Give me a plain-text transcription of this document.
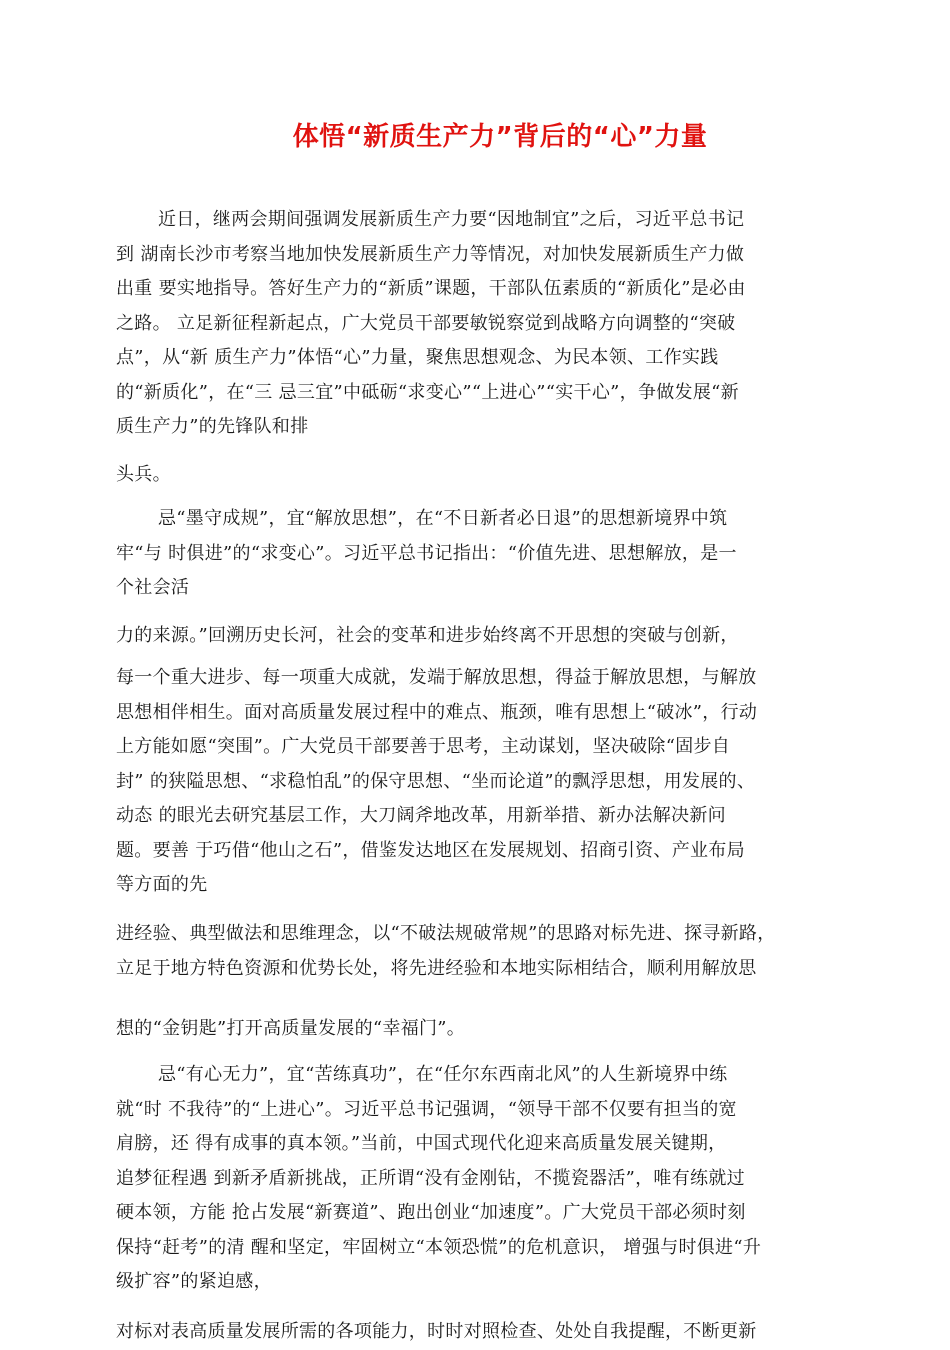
体悟“新质生产力”背后的“心”力量
近日，继两会期间强调发展新质生产力要“因地制宜”之后，习近平总书记
到 湖南长沙市考察当地加快发展新质生产力等情况，对加快发展新质生产力做
出重 要实地指导。答好生产力的“新质”课题，干部队伍素质的“新质化”是必由
之路。 立足新征程新起点，广大党员干部要敏锐察觉到战略方向调整的“突破
点”，从“新 质生产力”体悟“心”力量，聚焦思想观念、为民本领、工作实践
的“新质化”，在“三 忌三宜”中砥砺“求变心”“上进心”“实干心”，争做发展“新
质生产力”的先锋队和排
头兵。
忌“墨守成规”，宜“解放思想”，在“不日新者必日退”的思想新境界中筑
牢“与 时俱进”的“求变心”。习近平总书记指出：“价值先进、思想解放，是一
个社会活
力的来源。”回溯历史长河，社会的变革和进步始终离不开思想的突破与创新，
每一个重大进步、每一项重大成就，发端于解放思想，得益于解放思想，与解放
思想相伴相生。面对高质量发展过程中的难点、瓶颈，唯有思想上“破冰”，行动
上方能如愿“突围”。广大党员干部要善于思考，主动谋划，坚决破除“固步自
封” 的狭隘思想、“求稳怕乱”的保守思想、“坐而论道”的飘浮思想，用发展的、
动态 的眼光去研究基层工作，大刀阔斧地改革，用新举措、新办法解决新问
题。要善 于巧借“他山之石”，借鉴发达地区在发展规划、招商引资、产业布局
等方面的先
进经验、典型做法和思维理念，以“不破法规破常规”的思路对标先进、探寻新路，
立足于地方特色资源和优势长处，将先进经验和本地实际相结合，顺利用解放思
想的“金钥匙”打开高质量发展的“幸福门”。
忌“有心无力”，宜“苦练真功”，在“任尔东西南北风”的人生新境界中练
就“时 不我待”的“上进心”。习近平总书记强调，“领导干部不仅要有担当的宽
肩膀，还 得有成事的真本领。”当前，中国式现代化迎来高质量发展关键期，
追梦征程遇 到新矛盾新挑战，正所谓“没有金刚钻，不揽瓷器活”，唯有练就过
硬本领，方能 抢占发展“新赛道”、跑出创业“加速度”。广大党员干部必须时刻
保持“赶考”的清 醒和坚定，牢固树立“本领恐慌”的危机意识， 增强与时俱进“升
级扩容”的紧迫感，
对标对表高质量发展所需的各项能力，时时对照检查、处处自我提醒，不断更新
